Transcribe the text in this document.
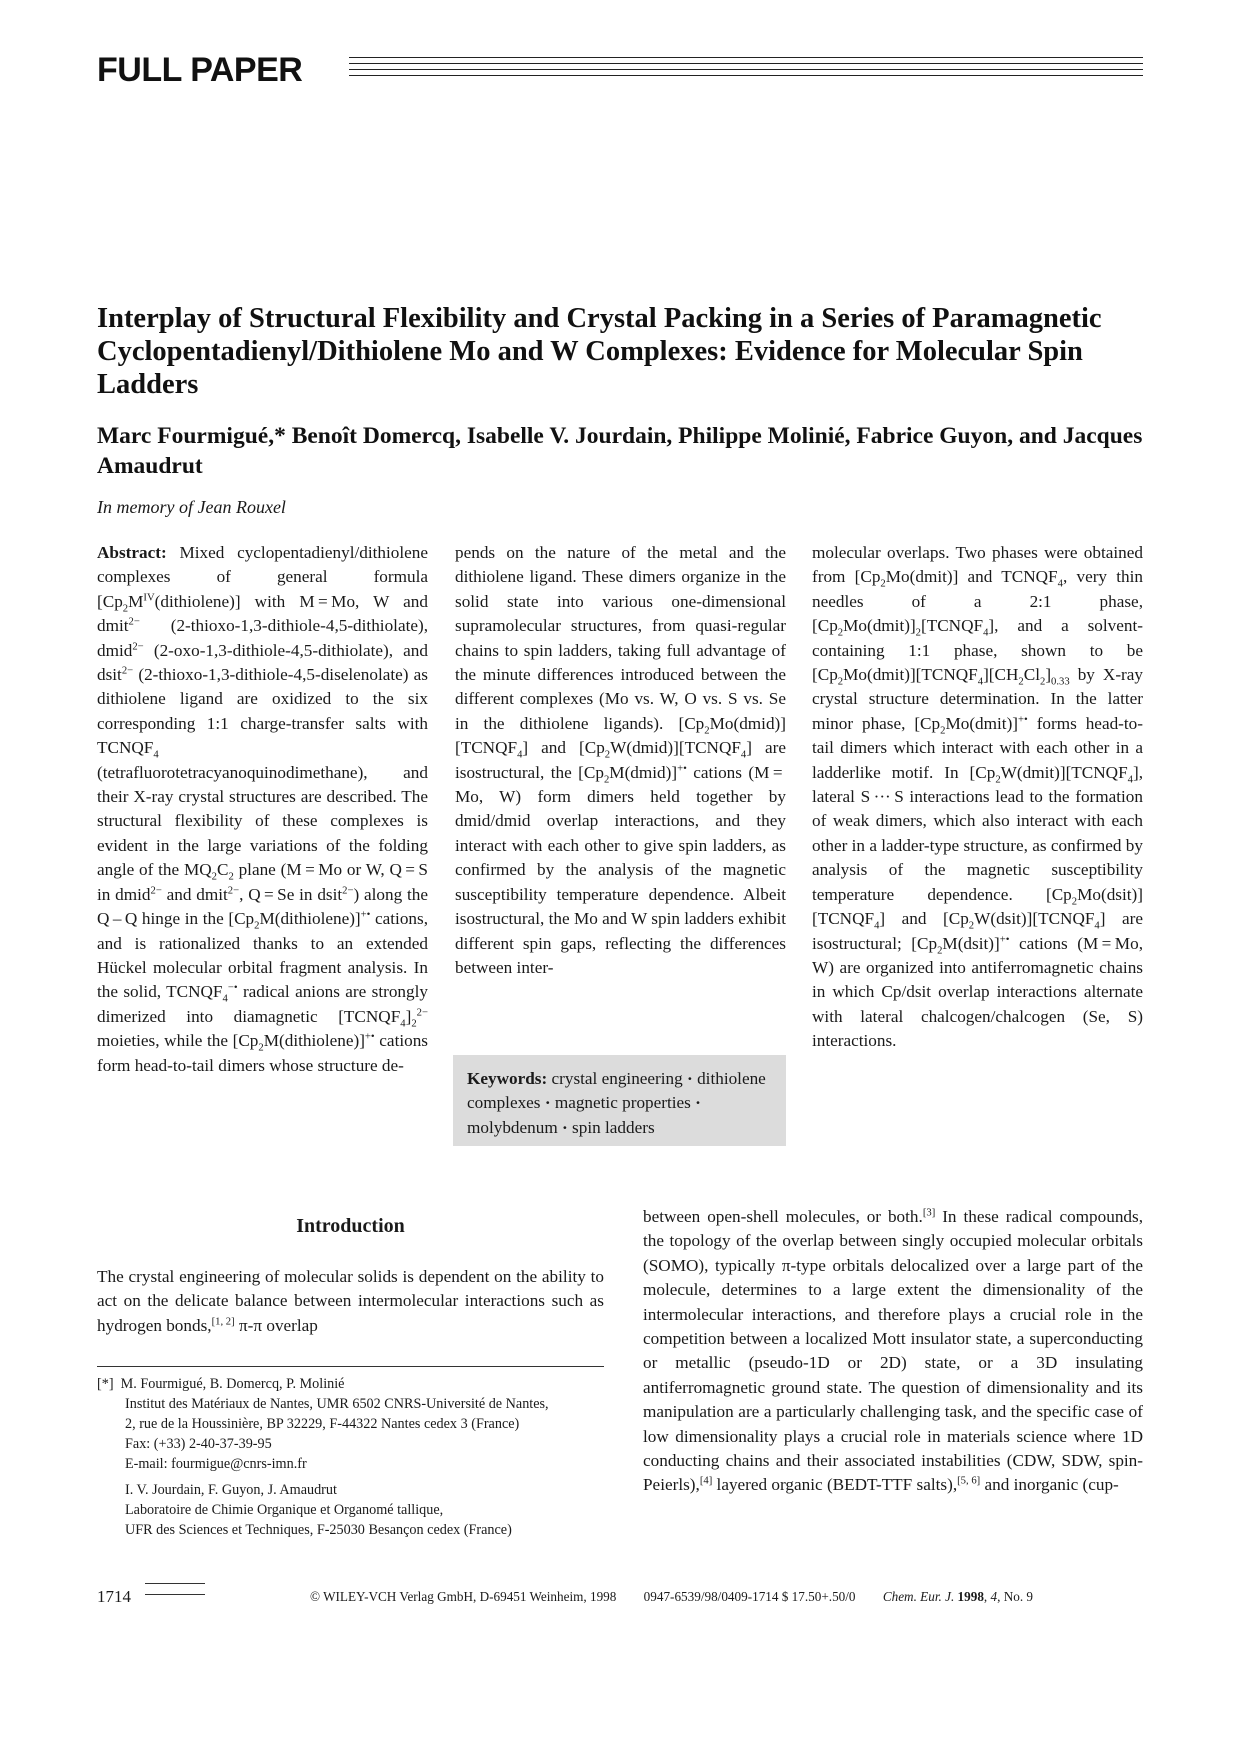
FULL PAPER
Interplay of Structural Flexibility and Crystal Packing in a Series of Paramagnetic Cyclopentadienyl/Dithiolene Mo and W Complexes: Evidence for Molecular Spin Ladders
Marc Fourmigué,* Benoît Domercq, Isabelle V. Jourdain, Philippe Molinié, Fabrice Guyon, and Jacques Amaudrut

In memory of Jean Rouxel

Abstract: Mixed cyclopentadienyl/dithiolene complexes of general formula $[Cp_2M^{IV}(dithiolene)]$ with M = Mo, W and dmit$^{2-}$ (2-thioxo-1,3-dithiole-4,5-dithiolate), dmid$^{2-}$ (2-oxo-1,3-dithiole-4,5-dithiolate), and dsit$^{2-}$ (2-thioxo-1,3-dithiole-4,5-diselenolate) as dithiolene ligand are oxidized to the six corresponding 1:1 charge-transfer salts with $TCNQF_4$ (tetrafluorotetracyanoquinodimethane), and their X-ray crystal structures are described. The structural flexibility of these complexes is evident in the large variations of the folding angle of the $MQ_2C_2$ plane (M = Mo or W, Q = S in dmid$^{2-}$ and dmit$^{2-}$, Q = Se in dsit$^{2-}$) along the Q – Q hinge in the $[Cp_2M(dithiolene)]^{+•}$ cations, and is rationalized thanks to an extended Hückel molecular orbital fragment analysis. In the solid, $TCNQF_4^{-•}$ radical anions are strongly dimerized into diamagnetic $[TCNQF_4]_2^{2-}$ moieties, while the $[Cp_2M(dithiolene)]^{+•}$ cations form head-to-tail dimers whose structure de-

pends on the nature of the metal and the dithiolene ligand. These dimers organize in the solid state into various one-dimensional supramolecular structures, from quasi-regular chains to spin ladders, taking full advantage of the minute differences introduced between the different complexes (Mo vs. W, O vs. S vs. Se in the dithiolene ligands). $[Cp_2Mo(dmid)][TCNQF_4]$ and $[Cp_2W(dmid)][TCNQF_4]$ are isostructural, the $[Cp_2M(dmid)]^{+•}$ cations (M = Mo, W) form dimers held together by dmid/dmid overlap interactions, and they interact with each other to give spin ladders, as confirmed by the analysis of the magnetic susceptibility temperature dependence. Albeit isostructural, the Mo and W spin ladders exhibit different spin gaps, reflecting the differences between inter-

Keywords: crystal engineering · dithiolene complexes · magnetic properties · molybdenum · spin ladders

molecular overlaps. Two phases were obtained from $[Cp_2Mo(dmit)]$ and $TCNQF_4$, very thin needles of a 2:1 phase, $[Cp_2Mo(dmit)]_2[TCNQF_4]$, and a solvent-containing 1:1 phase, shown to be $[Cp_2Mo(dmit)][TCNQF_4][CH_2Cl_2]_{0.33}$ by X-ray crystal structure determination. In the latter minor phase, $[Cp_2Mo(dmit)]^{+•}$ forms head-to-tail dimers which interact with each other in a ladderlike motif. In $[Cp_2W(dmit)][TCNQF_4]$, lateral S ··· S interactions lead to the formation of weak dimers, which also interact with each other in a ladder-type structure, as confirmed by analysis of the magnetic susceptibility temperature dependence. $[Cp_2Mo(dsit)][TCNQF_4]$ and $[Cp_2W(dsit)][TCNQF_4]$ are isostructural; $[Cp_2M(dsit)]^{+•}$ cations (M = Mo, W) are organized into antiferromagnetic chains in which Cp/dsit overlap interactions alternate with lateral chalcogen/chalcogen (Se, S) interactions.

Introduction

The crystal engineering of molecular solids is dependent on the ability to act on the delicate balance between intermolecular interactions such as hydrogen bonds,[1, 2] π-π overlap

between open-shell molecules, or both.[3] In these radical compounds, the topology of the overlap between singly occupied molecular orbitals (SOMO), typically π-type orbitals delocalized over a large part of the molecule, determines to a large extent the dimensionality of the intermolecular interactions, and therefore plays a crucial role in the competition between a localized Mott insulator state, a superconducting or metallic (pseudo-1D or 2D) state, or a 3D insulating antiferromagnetic ground state. The question of dimensionality and its manipulation are a particularly challenging task, and the specific case of low dimensionality plays a crucial role in materials science where 1D conducting chains and their associated instabilities (CDW, SDW, spin-Peierls),[4] layered organic (BEDT-TTF salts),[5, 6] and inorganic (cup-

[*] M. Fourmigué, B. Domercq, P. Molinié

Institut des Matériaux de Nantes, UMR 6502 CNRS-Université de Nantes,

2, rue de la Houssinière, BP 32229, F-44322 Nantes cedex 3 (France)

Fax: (+33) 2-40-37-39-95

E-mail: fourmigue@cnrs-imn.fr

I. V. Jourdain, F. Guyon, J. Amaudrut

Laboratoire de Chimie Organique et Organomé tallique,

UFR des Sciences et Techniques, F-25030 Besançon cedex (France)

1714	© WILEY-VCH Verlag GmbH, D-69451 Weinheim, 1998 0947-6539/98/0409-1714 $ 17.50+.50/0 Chem. Eur. J. 1998, 4, No. 9
